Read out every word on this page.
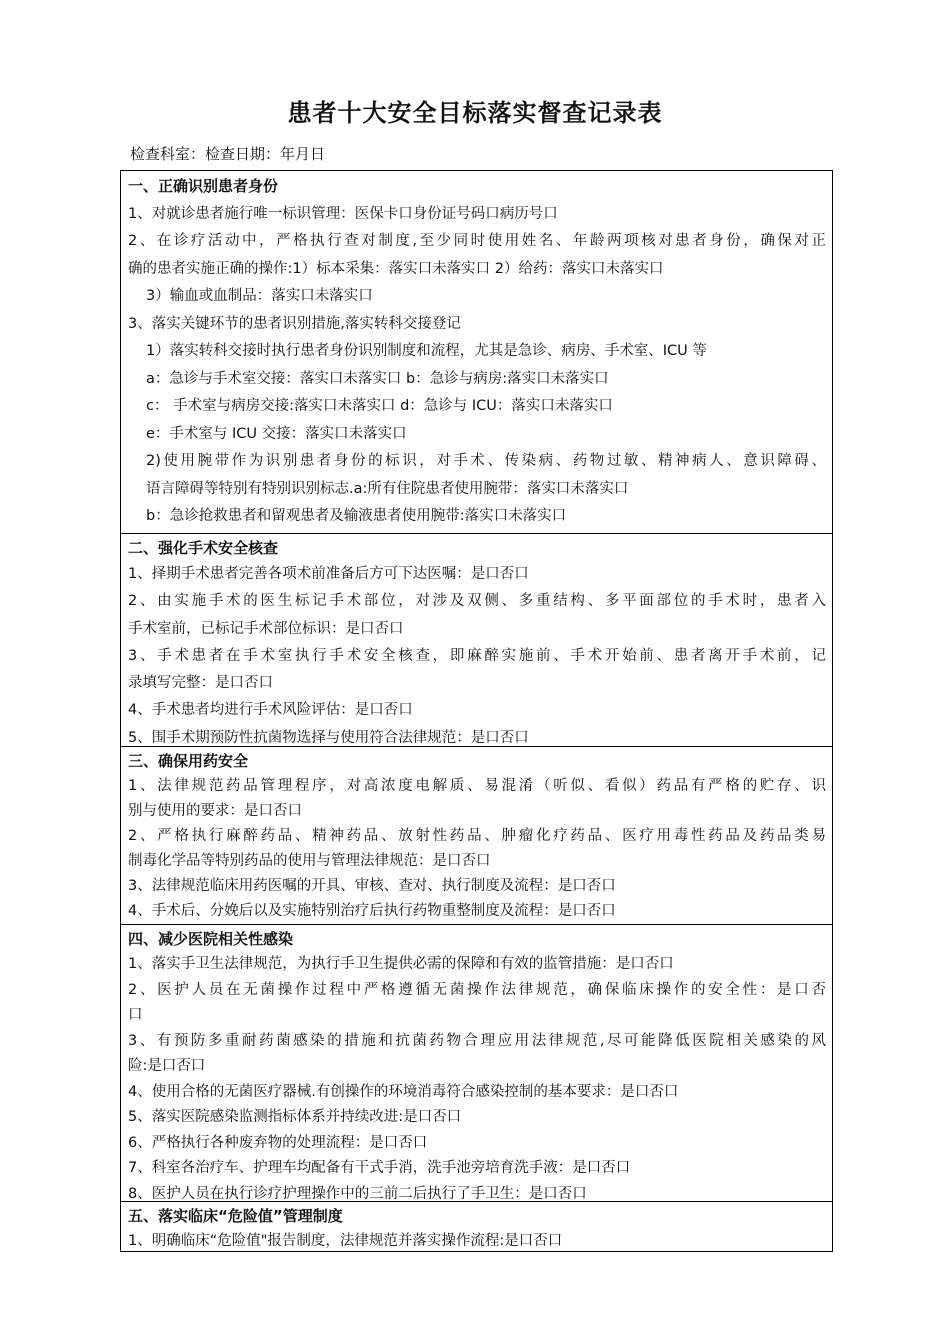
患者十大安全目标落实督查记录表
检查科室：检查日期：年月日
一、正确识别患者身份
1、对就诊患者施行唯一标识管理：医保卡口身份证号码口病历号口
2、在诊疗活动中，严格执行查对制度,至少同时使用姓名、年龄两项核对患者身份，确保对正
确的患者实施正确的操作:1）标本采集：落实口未落实口 2）给药：落实口未落实口
3）输血或血制品：落实口未落实口
3、落实关键环节的患者识别措施,落实转科交接登记
1）落实转科交接时执行患者身份识别制度和流程，尤其是急诊、病房、手术室、ICU 等
a：急诊与手术室交接：落实口未落实口 b：急诊与病房:落实口未落实口
c： 手术室与病房交接:落实口未落实口 d：急诊与 ICU：落实口未落实口
e：手术室与 ICU 交接：落实口未落实口
2)使用腕带作为识别患者身份的标识，对手术、传染病、药物过敏、精神病人、意识障碍、
语言障碍等特别有特别识别标志.a:所有住院患者使用腕带：落实口未落实口
b：急诊抢救患者和留观患者及输液患者使用腕带:落实口未落实口
二、强化手术安全核查
1、择期手术患者完善各项术前准备后方可下达医嘱：是口否口
2、由实施手术的医生标记手术部位，对涉及双侧、多重结构、多平面部位的手术时，患者入
手术室前，已标记手术部位标识：是口否口
3、手术患者在手术室执行手术安全核查，即麻醉实施前、手术开始前、患者离开手术前，记
录填写完整：是口否口
4、手术患者均进行手术风险评估：是口否口
5、围手术期预防性抗菌物选择与使用符合法律规范：是口否口
三、确保用药安全
1、法律规范药品管理程序，对高浓度电解质、易混淆（听似、看似）药品有严格的贮存、识
别与使用的要求：是口否口
2、严格执行麻醉药品、精神药品、放射性药品、肿瘤化疗药品、医疗用毒性药品及药品类易
制毒化学品等特别药品的使用与管理法律规范：是口否口
3、法律规范临床用药医嘱的开具、审核、查对、执行制度及流程：是口否口
4、手术后、分娩后以及实施特别治疗后执行药物重整制度及流程：是口否口
四、减少医院相关性感染
1、落实手卫生法律规范，为执行手卫生提供必需的保障和有效的监管措施：是口否口
2、医护人员在无菌操作过程中严格遵循无菌操作法律规范，确保临床操作的安全性：是口否
口
3、有预防多重耐药菌感染的措施和抗菌药物合理应用法律规范,尽可能降低医院相关感染的风
险:是口否口
4、使用合格的无菌医疗器械.有创操作的环境消毒符合感染控制的基本要求：是口否口
5、落实医院感染监测指标体系并持续改进:是口否口
6、严格执行各种废弃物的处理流程：是口否口
7、科室各治疗车、护理车均配备有干式手消，洗手池旁培育洗手液：是口否口
8、医护人员在执行诊疗护理操作中的三前二后执行了手卫生：是口否口
五、落实临床“危险值”管理制度
1、明确临床“危险值"报告制度，法律规范并落实操作流程:是口否口
